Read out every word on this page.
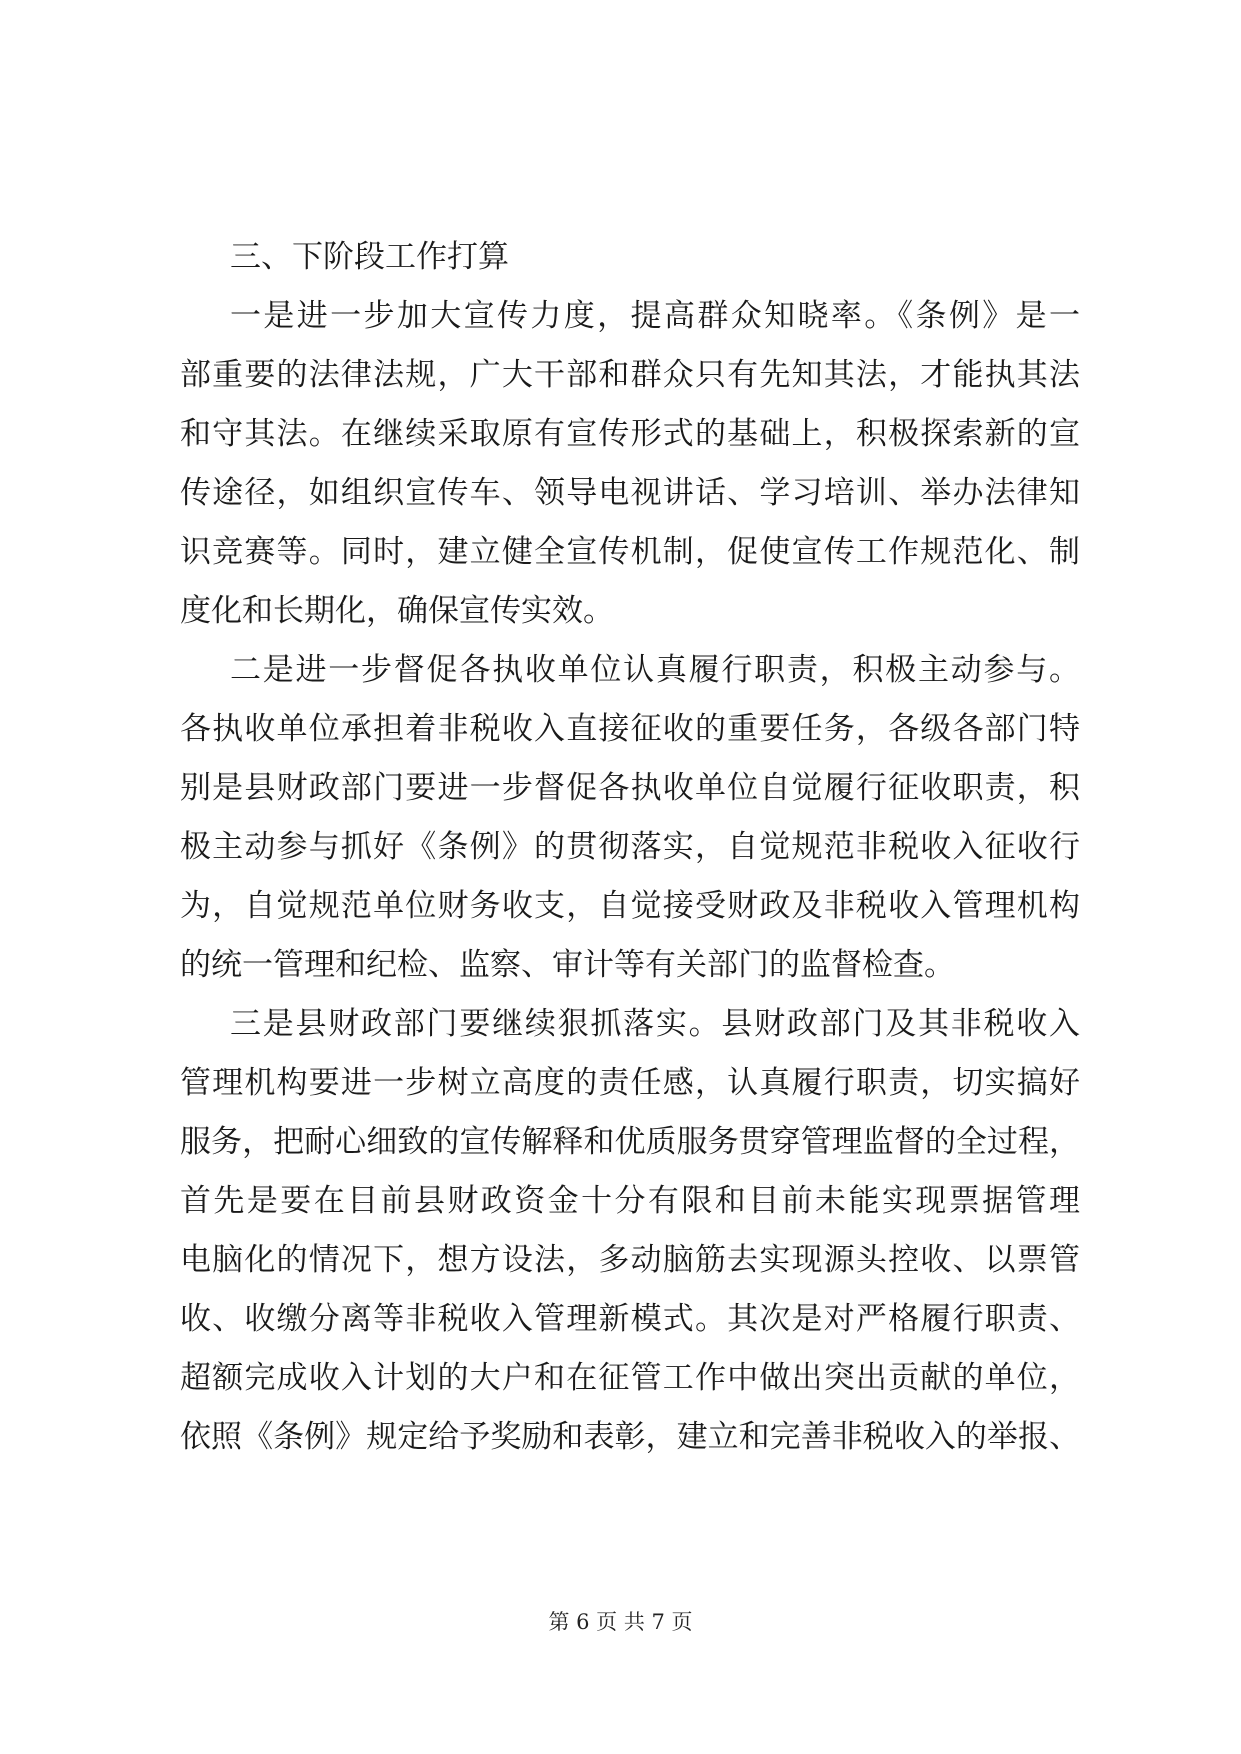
三、下阶段工作打算
一是进一步加大宣传力度，提高群众知晓率。《条例》是一
部重要的法律法规，广大干部和群众只有先知其法，才能执其法
和守其法。在继续采取原有宣传形式的基础上，积极探索新的宣
传途径，如组织宣传车、领导电视讲话、学习培训、举办法律知
识竞赛等。同时，建立健全宣传机制，促使宣传工作规范化、制
度化和长期化，确保宣传实效。
二是进一步督促各执收单位认真履行职责，积极主动参与。
各执收单位承担着非税收入直接征收的重要任务，各级各部门特
别是县财政部门要进一步督促各执收单位自觉履行征收职责，积
极主动参与抓好《条例》的贯彻落实，自觉规范非税收入征收行
为，自觉规范单位财务收支，自觉接受财政及非税收入管理机构
的统一管理和纪检、监察、审计等有关部门的监督检查。
三是县财政部门要继续狠抓落实。县财政部门及其非税收入
管理机构要进一步树立高度的责任感，认真履行职责，切实搞好
服务，把耐心细致的宣传解释和优质服务贯穿管理监督的全过程，
首先是要在目前县财政资金十分有限和目前未能实现票据管理
电脑化的情况下，想方设法，多动脑筋去实现源头控收、以票管
收、收缴分离等非税收入管理新模式。其次是对严格履行职责、
超额完成收入计划的大户和在征管工作中做出突出贡献的单位，
依照《条例》规定给予奖励和表彰，建立和完善非税收入的举报、
第 6 页 共 7 页
